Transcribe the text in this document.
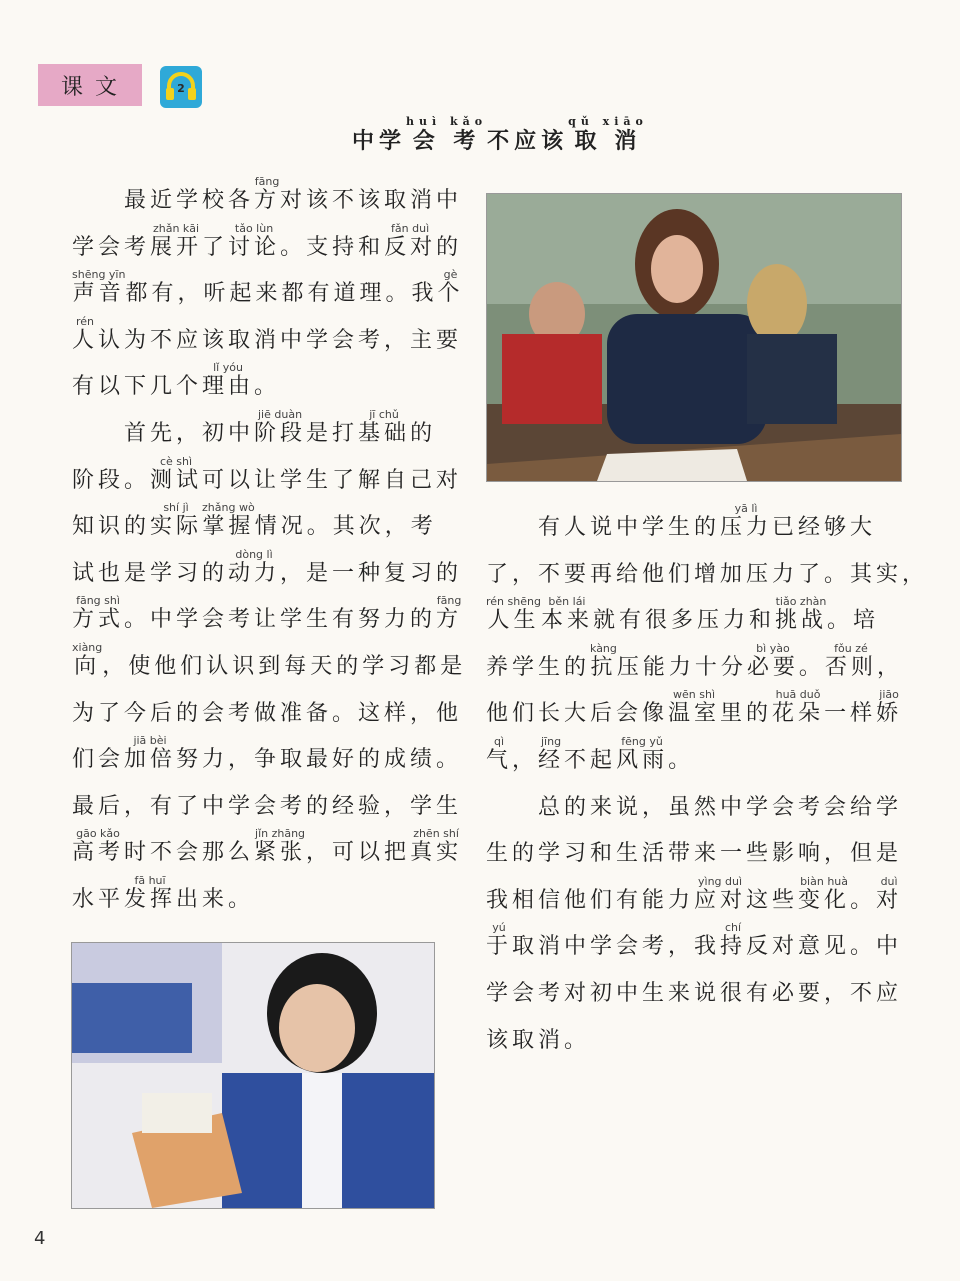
课文	2
中学 会考huì kǎo
不应该 取消qǔ xiāo
　　最近学校各 方fāng
对该不该取消中
学会考 展开zhǎn kāi
了 讨论tǎo lùn
。支持和 反对fǎn duì
的
声音shēng yīn
都有，听起来都有道理。我 个gè
人rén
认为不应该取消中学会考，主要
有以下几个 理由lǐ yóu
。
　　首先，初中 阶段jiē duàn
是打 基础jī chǔ
的
阶段。 测试cè shì
可以让学生了解自己对
知识的 实际shí jì
掌握zhǎng wò
情况。其次，考
试也是学习的 动力dòng lì
，是一种复习的
方式fāng shì
。中学会考让学生有努力的 方fāng
向xiàng
，使他们认识到每天的学习都是
为了今后的会考做准备。这样，他
们会 加倍jiā bèi
努力，争取最好的成绩。
最后，有了中学会考的经验，学生
高考gāo kǎo
时不会那么 紧张jǐn zhāng
，可以把 真实zhēn shí
水平 发挥fā huī
出来。
　　有人说中学生的 压力yā lì
已经够大
了，不要再给他们增加压力了。其实，
人生rén shēng
本来běn lái
就有很多压力和 挑战tiǎo zhàn
。培
养学生的 抗kàng
压能力十分 必要bì yào
。 否则fǒu zé
，
他们长大后会像 温室wēn shì
里的 花朵huā duǒ
一样 娇jiāo
气qì
， 经jīng
不起 风雨fēng yǔ
。
　　总的来说，虽然中学会考会给学
生的学习和生活带来一些影响，但是
我相信他们有能力 应对yìng duì
这些 变化biàn huà
。 对duì
于yú
取消中学会考，我 持chí
反对意见。中
学会考对初中生来说很有必要，不应
该取消。
4
